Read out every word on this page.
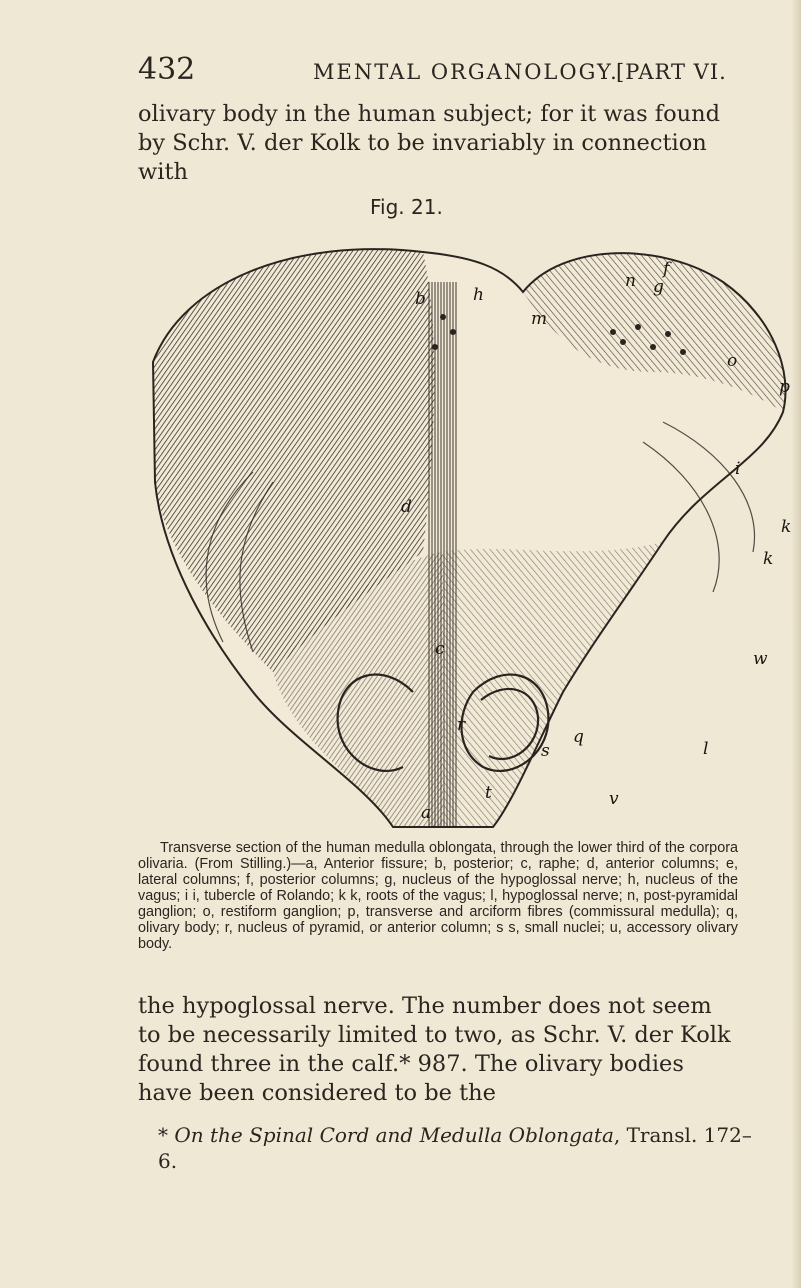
432	MENTAL ORGANOLOGY.
[PART VI.

olivary body in the human subject; for it was found by Schr. V. der Kolk to be invariably in connection with

Fig. 21.
h
b
m
n g
f
o
p
i
d
c
k
k
w
l
r
a
t
s
v
q

Transverse section of the human medulla oblongata, through the lower third of the corpora olivaria. (From Stilling.)—a, Anterior fissure; b, posterior; c, raphe; d, anterior columns; e, lateral columns; f, posterior columns; g, nucleus of the hypoglossal nerve; h, nucleus of the vagus; i i, tubercle of Rolando; k k, roots of the vagus; l, hypoglossal nerve; n, post-pyramidal ganglion; o, restiform ganglion; p, transverse and arciform fibres (commissural medulla); q, olivary body; r, nucleus of pyramid, or anterior column; s s, small nuclei; u, accessory olivary body.

the hypoglossal nerve. The number does not seem to be necessarily limited to two, as Schr. V. der Kolk found three in the calf.* 987. The olivary bodies have been considered to be the

* On the Spinal Cord and Medulla Oblongata, Transl. 172–6.
